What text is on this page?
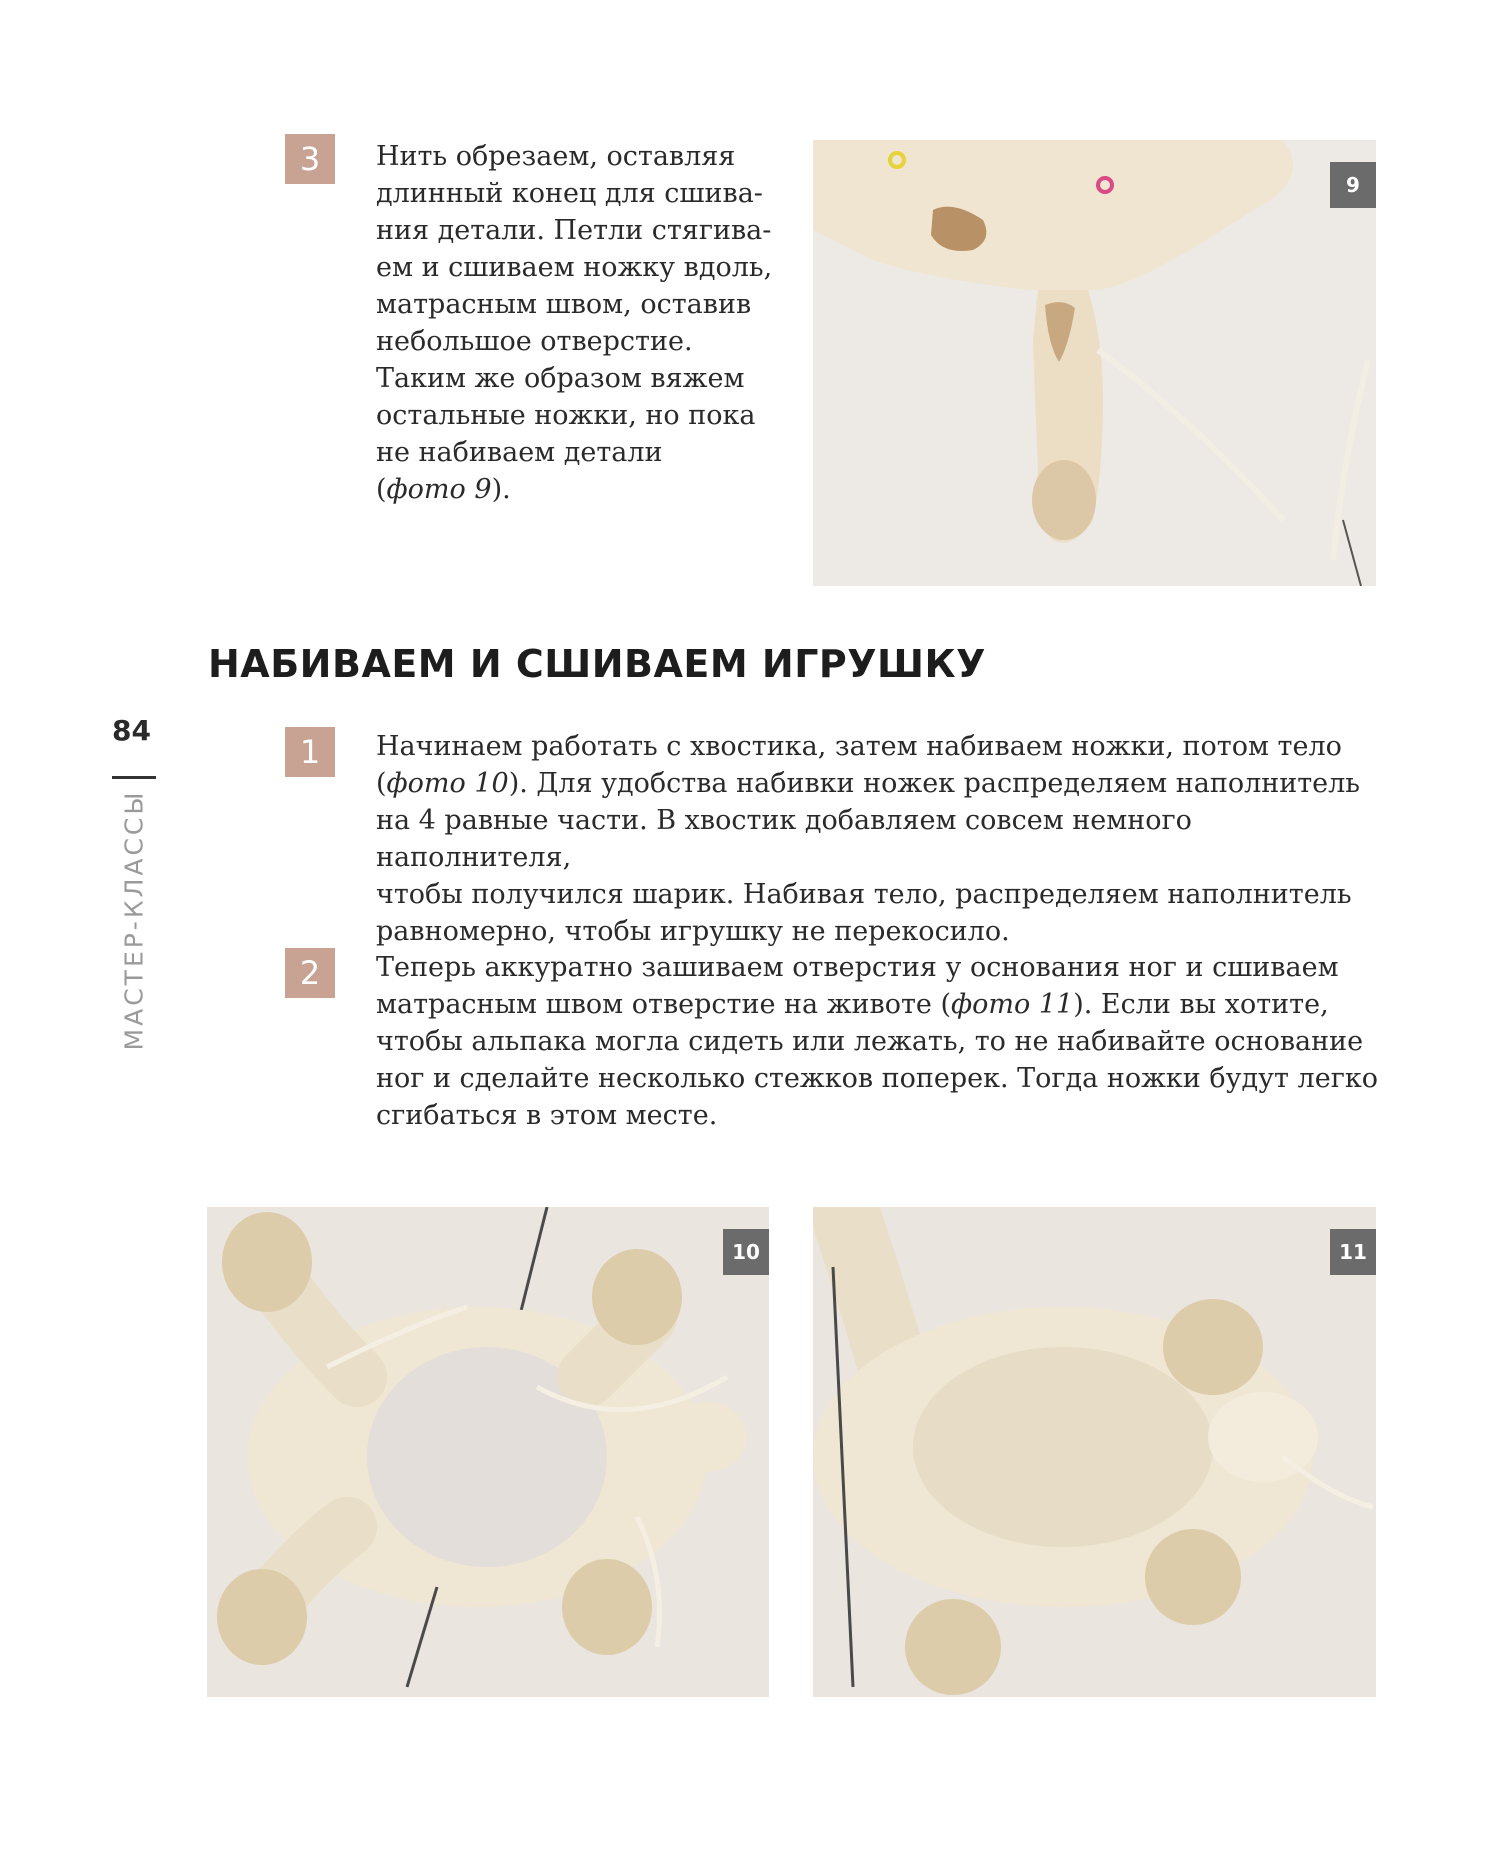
3	Нить обрезаем, оставляя
длинный конец для сшива-
ния детали. Петли стягива-
ем и сшиваем ножку вдоль,
матрасным швом, оставив
небольшое отверстие.
Таким же образом вяжем
остальные ножки, но пока
не набиваем детали
(фото 9).
9
НАБИВАЕМ И СШИВАЕМ ИГРУШКУ
84
МАСТЕР-КЛАССЫ
1	Начинаем работать с хвостика, затем набиваем ножки, потом тело
(фото 10). Для удобства набивки ножек распределяем наполнитель
на 4 равные части. В хвостик добавляем совсем немного наполнителя,
чтобы получился шарик. Набивая тело, распределяем наполнитель
равномерно, чтобы игрушку не перекосило.
2	Теперь аккуратно зашиваем отверстия у основания ног и сшиваем
матрасным швом отверстие на животе (фото 11). Если вы хотите,
чтобы альпака могла сидеть или лежать, то не набивайте основание
ног и сделайте несколько стежков поперек. Тогда ножки будут легко
сгибаться в этом месте.
10	11
